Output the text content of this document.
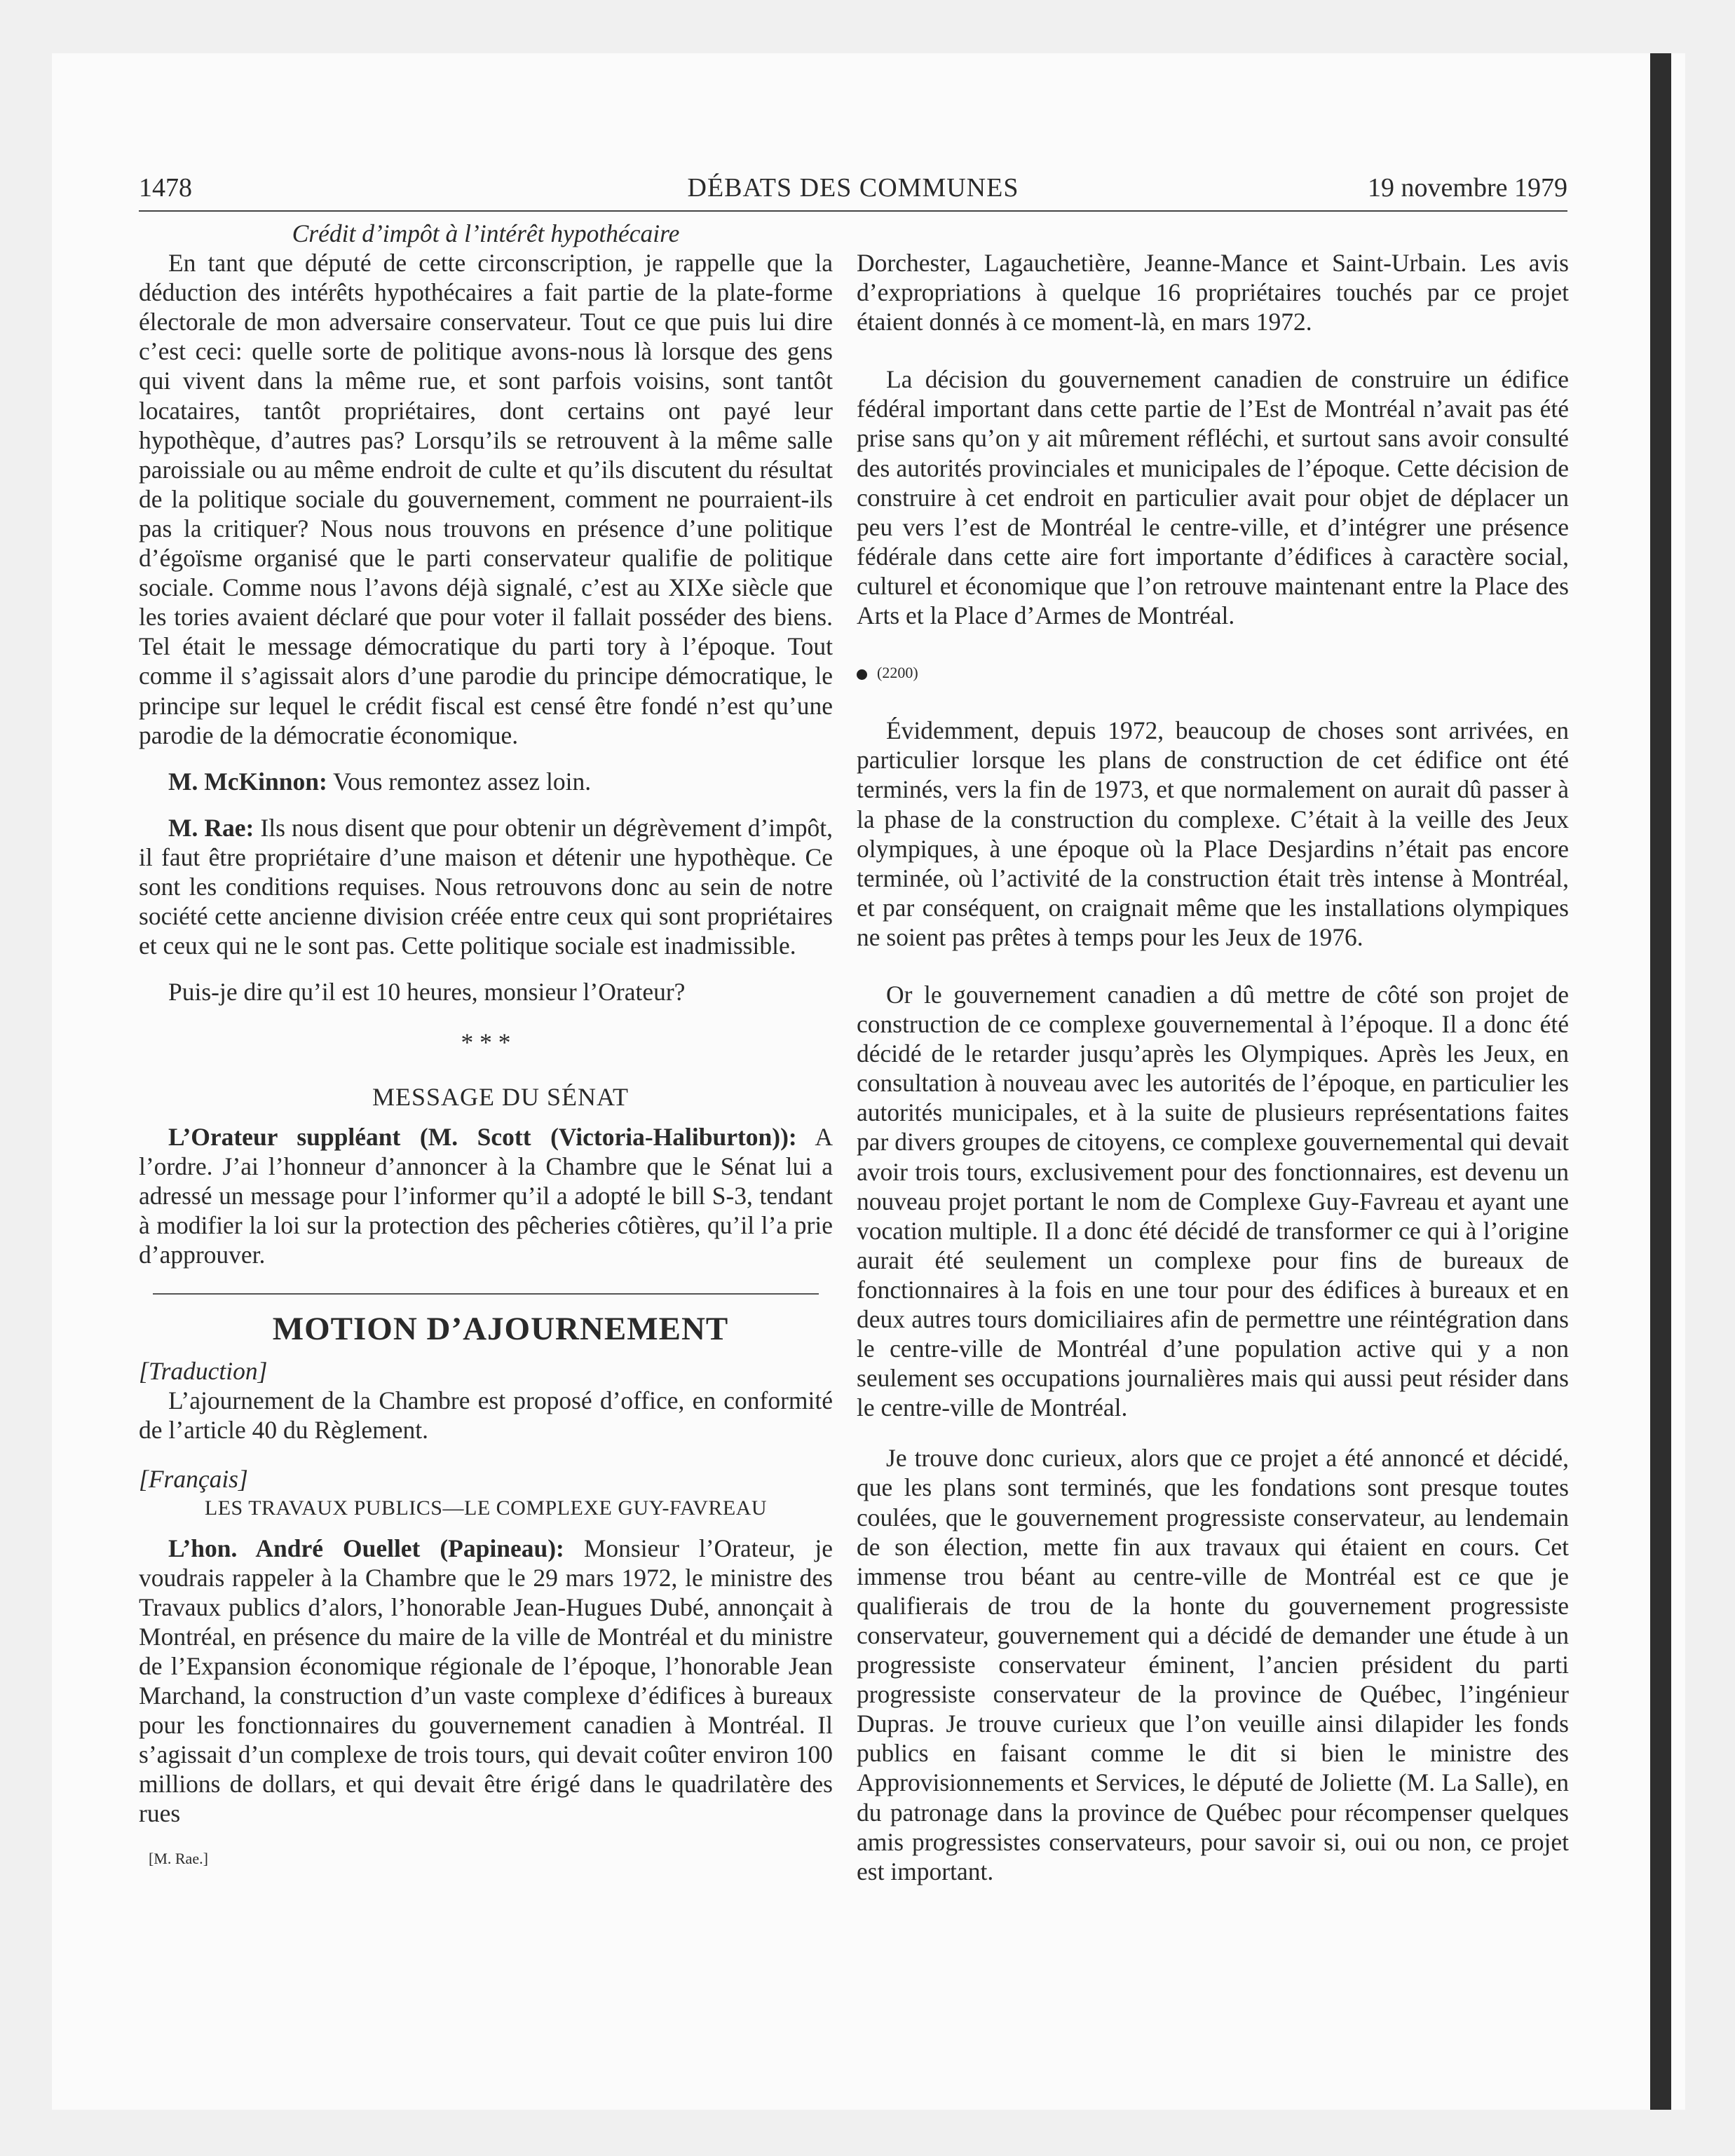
1478	DÉBATS DES COMMUNES	19 novembre 1979

Crédit d’impôt à l’intérêt hypothécaire

En tant que député de cette circonscription, je rappelle que la déduction des intérêts hypothécaires a fait partie de la plate-forme électorale de mon adversaire conservateur. Tout ce que puis lui dire c’est ceci: quelle sorte de politique avons-nous là lorsque des gens qui vivent dans la même rue, et sont parfois voisins, sont tantôt locataires, tantôt propriétaires, dont certains ont payé leur hypothèque, d’autres pas? Lorsqu’ils se retrouvent à la même salle paroissiale ou au même endroit de culte et qu’ils discutent du résultat de la politique sociale du gouvernement, comment ne pourraient-ils pas la critiquer? Nous nous trouvons en présence d’une politique d’égoïsme organisé que le parti conservateur qualifie de politique sociale. Comme nous l’avons déjà signalé, c’est au XIXe siècle que les tories avaient déclaré que pour voter il fallait posséder des biens. Tel était le message démocratique du parti tory à l’époque. Tout comme il s’agissait alors d’une parodie du principe démocratique, le principe sur lequel le crédit fiscal est censé être fondé n’est qu’une parodie de la démocratie économique.

M. McKinnon: Vous remontez assez loin.

M. Rae: Ils nous disent que pour obtenir un dégrèvement d’impôt, il faut être propriétaire d’une maison et détenir une hypothèque. Ce sont les conditions requises. Nous retrouvons donc au sein de notre société cette ancienne division créée entre ceux qui sont propriétaires et ceux qui ne le sont pas. Cette politique sociale est inadmissible.

Puis-je dire qu’il est 10 heures, monsieur l’Orateur?

* * *

MESSAGE DU SÉNAT

L’Orateur suppléant (M. Scott (Victoria-Haliburton)): A l’ordre. J’ai l’honneur d’annoncer à la Chambre que le Sénat lui a adressé un message pour l’informer qu’il a adopté le bill S-3, tendant à modifier la loi sur la protection des pêcheries côtières, qu’il l’a prie d’approuver.

MOTION D’AJOURNEMENT

[Traduction]

L’ajournement de la Chambre est proposé d’office, en conformité de l’article 40 du Règlement.

[Français]

LES TRAVAUX PUBLICS—LE COMPLEXE GUY-FAVREAU

L’hon. André Ouellet (Papineau): Monsieur l’Orateur, je voudrais rappeler à la Chambre que le 29 mars 1972, le ministre des Travaux publics d’alors, l’honorable Jean-Hugues Dubé, annonçait à Montréal, en présence du maire de la ville de Montréal et du ministre de l’Expansion économique régionale de l’époque, l’honorable Jean Marchand, la construction d’un vaste complexe d’édifices à bureaux pour les fonctionnaires du gouvernement canadien à Montréal. Il s’agissait d’un complexe de trois tours, qui devait coûter environ 100 millions de dollars, et qui devait être érigé dans le quadrilatère des rues

[M. Rae.]

Dorchester, Lagauchetière, Jeanne-Mance et Saint-Urbain. Les avis d’expropriations à quelque 16 propriétaires touchés par ce projet étaient donnés à ce moment-là, en mars 1972.

La décision du gouvernement canadien de construire un édifice fédéral important dans cette partie de l’Est de Montréal n’avait pas été prise sans qu’on y ait mûrement réfléchi, et surtout sans avoir consulté des autorités provinciales et municipales de l’époque. Cette décision de construire à cet endroit en particulier avait pour objet de déplacer un peu vers l’est de Montréal le centre-ville, et d’intégrer une présence fédérale dans cette aire fort importante d’édifices à caractère social, culturel et économique que l’on retrouve maintenant entre la Place des Arts et la Place d’Armes de Montréal.

(2200)

Évidemment, depuis 1972, beaucoup de choses sont arrivées, en particulier lorsque les plans de construction de cet édifice ont été terminés, vers la fin de 1973, et que normalement on aurait dû passer à la phase de la construction du complexe. C’était à la veille des Jeux olympiques, à une époque où la Place Desjardins n’était pas encore terminée, où l’activité de la construction était très intense à Montréal, et par conséquent, on craignait même que les installations olympiques ne soient pas prêtes à temps pour les Jeux de 1976.

Or le gouvernement canadien a dû mettre de côté son projet de construction de ce complexe gouvernemental à l’époque. Il a donc été décidé de le retarder jusqu’après les Olympiques. Après les Jeux, en consultation à nouveau avec les autorités de l’époque, en particulier les autorités municipales, et à la suite de plusieurs représentations faites par divers groupes de citoyens, ce complexe gouvernemental qui devait avoir trois tours, exclusivement pour des fonctionnaires, est devenu un nouveau projet portant le nom de Complexe Guy-Favreau et ayant une vocation multiple. Il a donc été décidé de transformer ce qui à l’origine aurait été seulement un complexe pour fins de bureaux de fonctionnaires à la fois en une tour pour des édifices à bureaux et en deux autres tours domiciliaires afin de permettre une réintégration dans le centre-ville de Montréal d’une population active qui y a non seulement ses occupations journalières mais qui aussi peut résider dans le centre-ville de Montréal.

Je trouve donc curieux, alors que ce projet a été annoncé et décidé, que les plans sont terminés, que les fondations sont presque toutes coulées, que le gouvernement progressiste conservateur, au lendemain de son élection, mette fin aux travaux qui étaient en cours. Cet immense trou béant au centre-ville de Montréal est ce que je qualifierais de trou de la honte du gouvernement progressiste conservateur, gouvernement qui a décidé de demander une étude à un progressiste conservateur éminent, l’ancien président du parti progressiste conservateur de la province de Québec, l’ingénieur Dupras. Je trouve curieux que l’on veuille ainsi dilapider les fonds publics en faisant comme le dit si bien le ministre des Approvisionnements et Services, le député de Joliette (M. La Salle), en du patronage dans la province de Québec pour récompenser quelques amis progressistes conservateurs, pour savoir si, oui ou non, ce projet est important.
